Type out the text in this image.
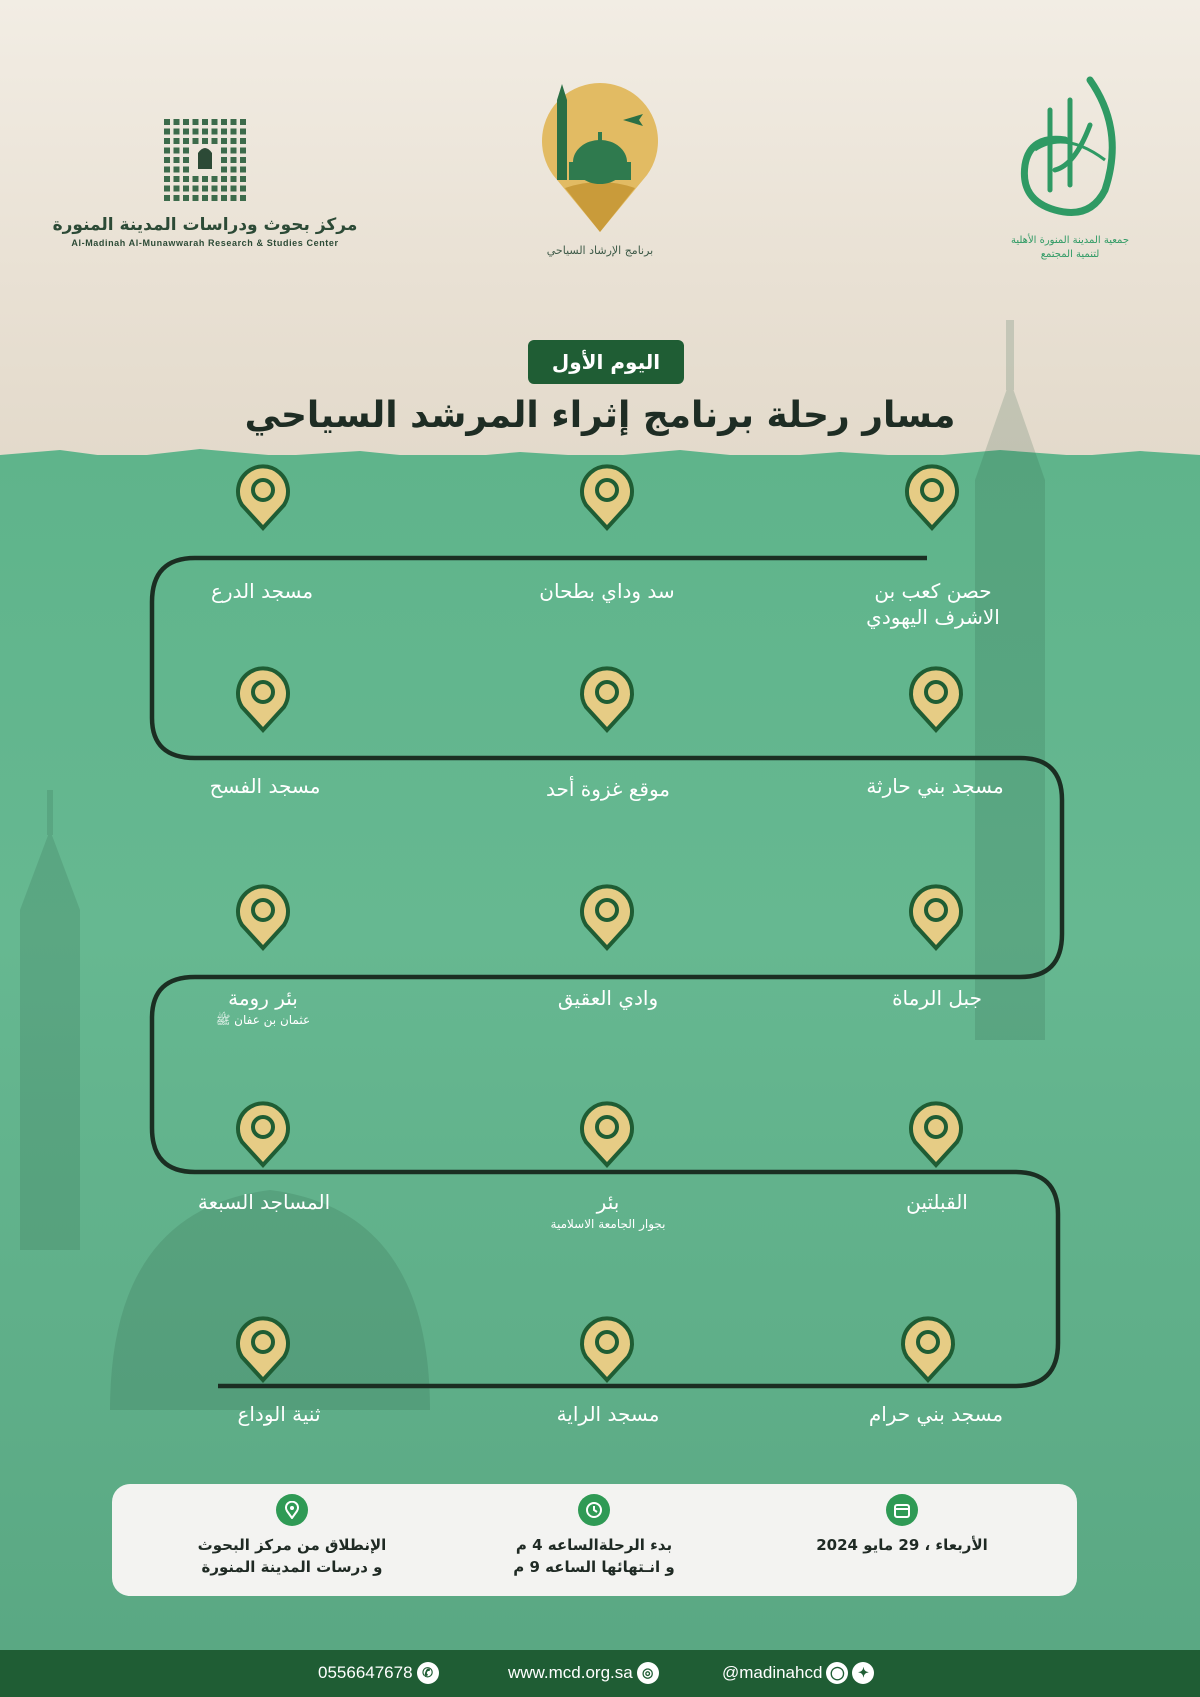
مركز بحوث ودراسات المدينة المنورة
Al-Madinah Al-Munawwarah Research & Studies Center
برنامج الإرشاد السياحي
جمعية المدينة المنورة الأهلية
لتنمية المجتمع
اليوم الأول
مسار رحلة برنامج إثراء المرشد السياحي
حصن كعب بن
الاشرف اليهودي
سد وداي بطحان
مسجد الدرع
مسجد بني حارثة
موقع غزوة أحد
مسجد الفسح
جبل الرماة
وادي العقيق
بئر رومة
عثمان بن عفان ﷺ
القبلتين
بئر
بجوار الجامعة الاسلامية
المساجد السبعة
مسجد بني حرام
مسجد الراية
ثنية الوداع
الأربعاء ، 29 مايو 2024
بدء الرحلةالساعه 4 م
و انـتهائها الساعه 9 م
الإنطلاق من مركز البحوث
و درسات المدينة المنورة
0556647678 ✆	www.mcd.org.sa ◎	@madinahcd ◯	✦
